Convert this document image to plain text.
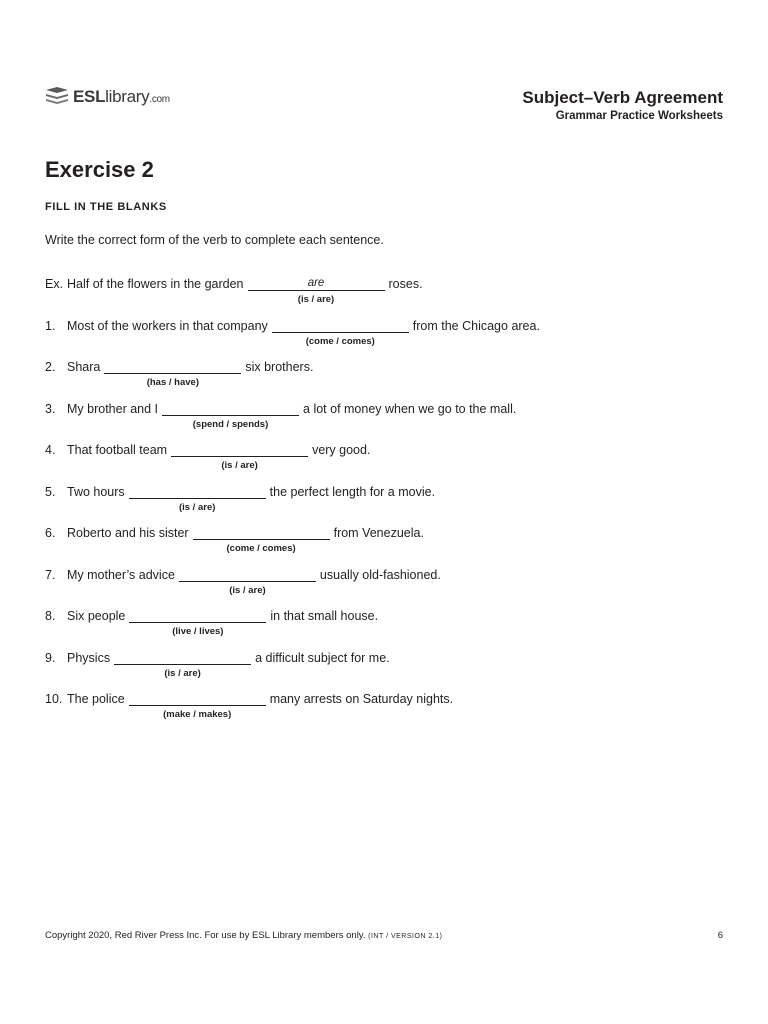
ESLlibrary.com	Subject–Verb Agreement
Grammar Practice Worksheets
Exercise 2
FILL IN THE BLANKS
Write the correct form of the verb to complete each sentence.
Ex. Half of the flowers in the garden	are
(is / are)
roses.
1. Most of the workers in that company
(come / comes)
from the Chicago area.
2. Shara
(has / have)
six brothers.
3. My brother and I
(spend / spends)
a lot of money when we go to the mall.
4. That football team
(is / are)
very good.
5. Two hours
(is / are)
the perfect length for a movie.
6. Roberto and his sister
(come / comes)
from Venezuela.
7. My mother’s advice
(is / are)
usually old-fashioned.
8. Six people
(live / lives)
in that small house.
9. Physics
(is / are)
a difficult subject for me.
10. The police
(make / makes)
many arrests on Saturday nights.
Copyright 2020, Red River Press Inc. For use by ESL Library members only. (INT / VERSION 2.1)	6
